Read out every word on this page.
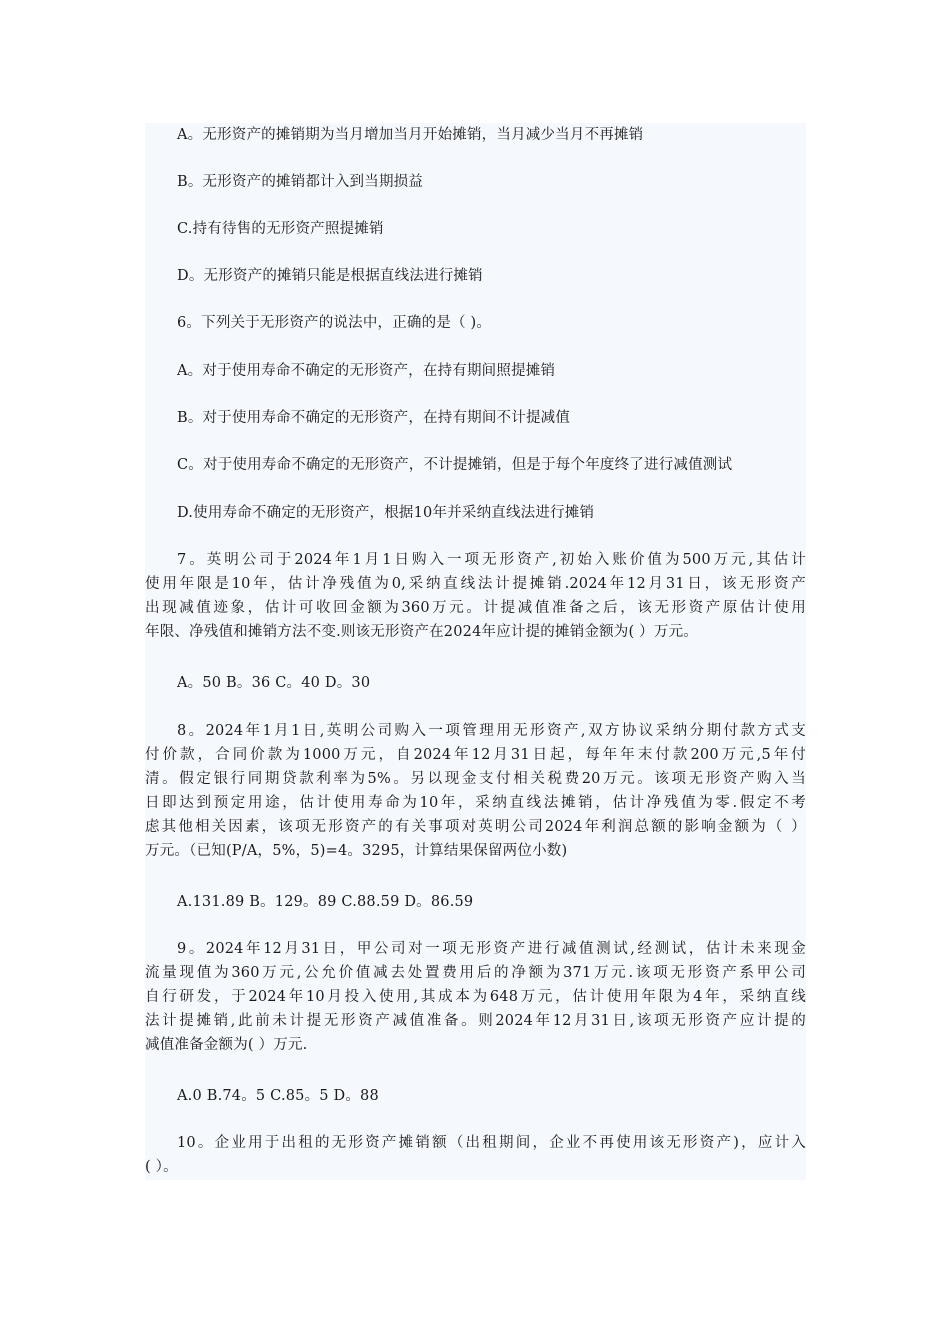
A。无形资产的摊销期为当月增加当月开始摊销，当月减少当月不再摊销

B。无形资产的摊销都计入到当期损益

C.持有待售的无形资产照提摊销

D。无形资产的摊销只能是根据直线法进行摊销

6。下列关于无形资产的说法中，正确的是（ )。

A。对于使用寿命不确定的无形资产，在持有期间照提摊销

B。对于使用寿命不确定的无形资产，在持有期间不计提减值

C。对于使用寿命不确定的无形资产，不计提摊销，但是于每个年度终了进行减值测试

D.使用寿命不确定的无形资产，根据10年并采纳直线法进行摊销

7。英明公司于2024年1月1日购入一项无形资产,初始入账价值为500万元,其估计
使用年限是10年，估计净残值为0,采纳直线法计提摊销.2024年12月31日，该无形资产
出现减值迹象，估计可收回金额为360万元。计提减值准备之后，该无形资产原估计使用
年限、净残值和摊销方法不变.则该无形资产在2024年应计提的摊销金额为( ）万元。

A。50 B。36 C。40 D。30

8。2024年1月1日,英明公司购入一项管理用无形资产,双方协议采纳分期付款方式支
付价款，合同价款为1000万元，自2024年12月31日起，每年年末付款200万元,5年付
清。假定银行同期贷款利率为5%。另以现金支付相关税费20万元。该项无形资产购入当
日即达到预定用途，估计使用寿命为10年，采纳直线法摊销，估计净残值为零.假定不考
虑其他相关因素，该项无形资产的有关事项对英明公司2024年利润总额的影响金额为（ ）
万元。（已知(P/A，5%，5)=4。3295，计算结果保留两位小数)

A.131.89 B。129。89 C.88.59 D。86.59

9。2024年12月31日，甲公司对一项无形资产进行减值测试,经测试，估计未来现金
流量现值为360万元,公允价值减去处置费用后的净额为371万元.该项无形资产系甲公司
自行研发，于2024年10月投入使用,其成本为648万元，估计使用年限为4年，采纳直线
法计提摊销,此前未计提无形资产减值准备。则2024年12月31日,该项无形资产应计提的
减值准备金额为( ）万元.

A.0 B.74。5 C.85。5 D。88

10。企业用于出租的无形资产摊销额（出租期间，企业不再使用该无形资产)，应计入
( ）。
